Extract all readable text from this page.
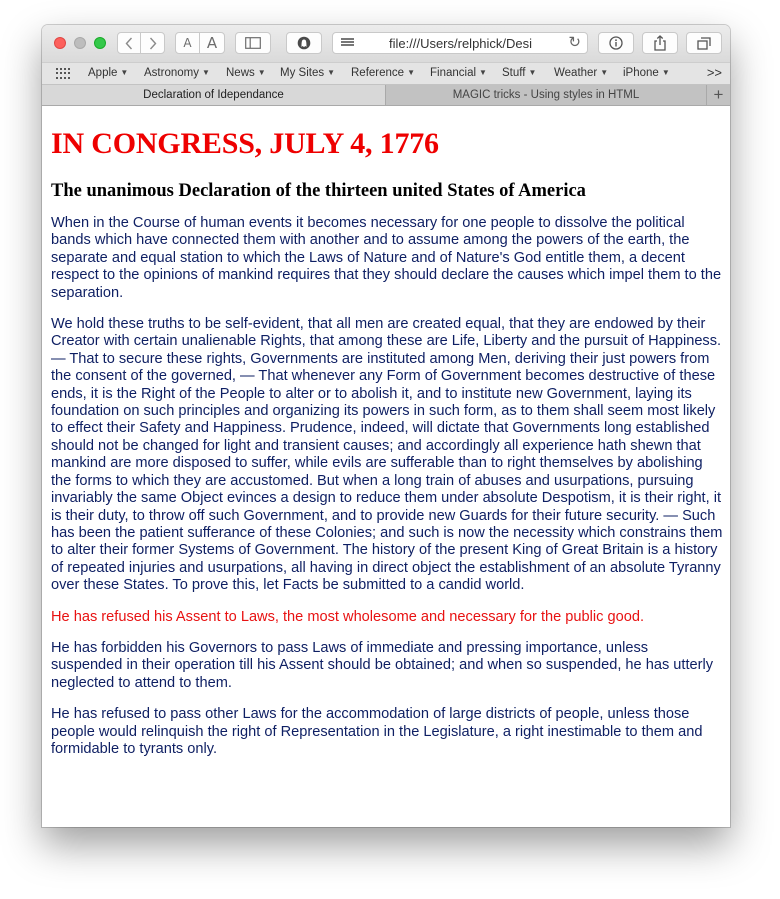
A	A	file:///Users/relphick/Desi	↻
Apple ▼ Astronomy ▼ News ▼ My Sites ▼ Reference ▼ Financial ▼ Stuff ▼ Weather ▼ iPhone ▼	>>
Declaration of Idependance	MAGIC tricks - Using styles in HTML	+
IN CONGRESS, JULY 4, 1776
The unanimous Declaration of the thirteen united States of America

When in the Course of human events it becomes necessary for one people to dissolve the political bands which have connected them with another and to assume among the powers of the earth, the separate and equal station to which the Laws of Nature and of Nature's God entitle them, a decent respect to the opinions of mankind requires that they should declare the causes which impel them to the separation.

We hold these truths to be self-evident, that all men are created equal, that they are endowed by their Creator with certain unalienable Rights, that among these are Life, Liberty and the pursuit of Happiness. — That to secure these rights, Governments are instituted among Men, deriving their just powers from the consent of the governed, — That whenever any Form of Government becomes destructive of these ends, it is the Right of the People to alter or to abolish it, and to institute new Government, laying its foundation on such principles and organizing its powers in such form, as to them shall seem most likely to effect their Safety and Happiness. Prudence, indeed, will dictate that Governments long established should not be changed for light and transient causes; and accordingly all experience hath shewn that mankind are more disposed to suffer, while evils are sufferable than to right themselves by abolishing the forms to which they are accustomed. But when a long train of abuses and usurpations, pursuing invariably the same Object evinces a design to reduce them under absolute Despotism, it is their right, it is their duty, to throw off such Government, and to provide new Guards for their future security. — Such has been the patient sufferance of these Colonies; and such is now the necessity which constrains them to alter their former Systems of Government. The history of the present King of Great Britain is a history of repeated injuries and usurpations, all having in direct object the establishment of an absolute Tyranny over these States. To prove this, let Facts be submitted to a candid world.

He has refused his Assent to Laws, the most wholesome and necessary for the public good.

He has forbidden his Governors to pass Laws of immediate and pressing importance, unless suspended in their operation till his Assent should be obtained; and when so suspended, he has utterly neglected to attend to them.

He has refused to pass other Laws for the accommodation of large districts of people, unless those people would relinquish the right of Representation in the Legislature, a right inestimable to them and formidable to tyrants only.
